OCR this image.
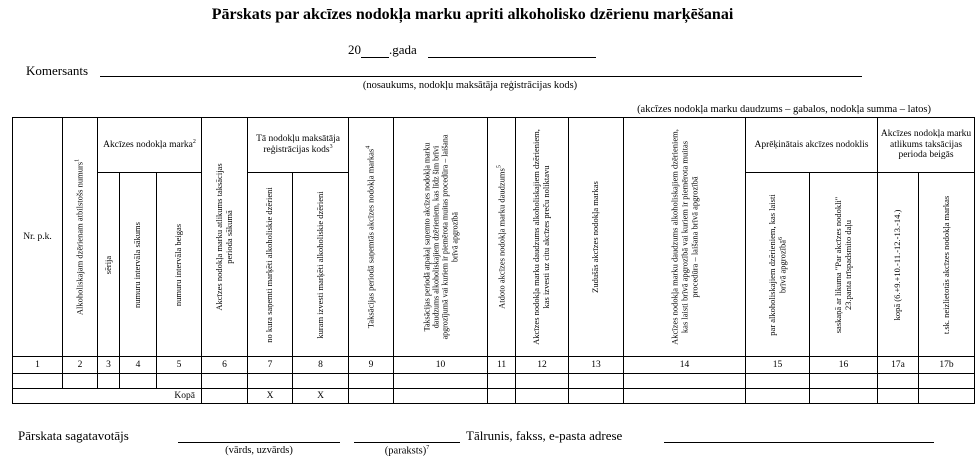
Pārskats par akcīzes nodokļa marku apriti alkoholisko dzērienu marķēšanai
20 .gada
Komersants
(nosaukums, nodokļu maksātāja reģistrācijas kods)
(akcīzes nodokļa marku daudzums – gabalos, nodokļa summa – latos)
Nr. p.k.	Alkoholiskajam dzērienam atbilstošs numurs$^1$	Akcīzes nodokļa marka$^2$			Akcīzes nodokļa marku atlikums taksācijas perioda sākumā	Tā nodokļu maksātāja reģistrācijas kods$^3$		Taksācijas periodā saņemtās akcīzes nodokļa markas$^4$	Taksācijas periodā atpakaļ saņemto akcīzes nodokļa marku daudzums alkoholiskajiem dzērieniem, kas līdz šim brīvi apgrozījumā vai kuriem ir piemērota muitas procedūra – laišana brīvā apgrozībā	Atdoto akcīzes nodokļa marku daudzums$^5$	Akcīzes nodokļa marku daudzums alkoholiskajiem dzērieniem, kas izvesti uz citu akcīzes preču noliktavu	Zudušās akcīzes nodokļa markas	Akcīzes nodokļa marku daudzums alkoholiskajiem dzērieniem, kas laisti brīvā apgrozībā vai kuriem ir piemērota muitas procedūra – laišana brīvā apgrozībā	Aprēķinātais akcīzes nodoklis		Akcīzes nodokļa marku atlikums taksācijas perioda beigās	

		sērija	numuru intervāla sākums	numuru intervāla beigas		no kura saņemti marķēti alkoholiskie dzērieni	kuram izvesti marķēti alkoholiskie dzērieni							par alkoholiskajiem dzērieniem, kas laisti brīvā apgrozībā$^6$	saskaņā ar likuma "Par akcīzes nodokli" 23.panta trīspadsmito daļu	kopā (6.+9.+10.-11.-12.-13.-14.)	t.sk. neizlietotās akcīzes nodokļa markas

1	2	3	4	5	6	7	8	9	10	11	12	13	14	15	16	17a	17b

Kopā						X	X										
Pārskata sagatavotājs
(vārds, uzvārds)	(paraksts)$^7$
Tālrunis, fakss, e-pasta adrese
